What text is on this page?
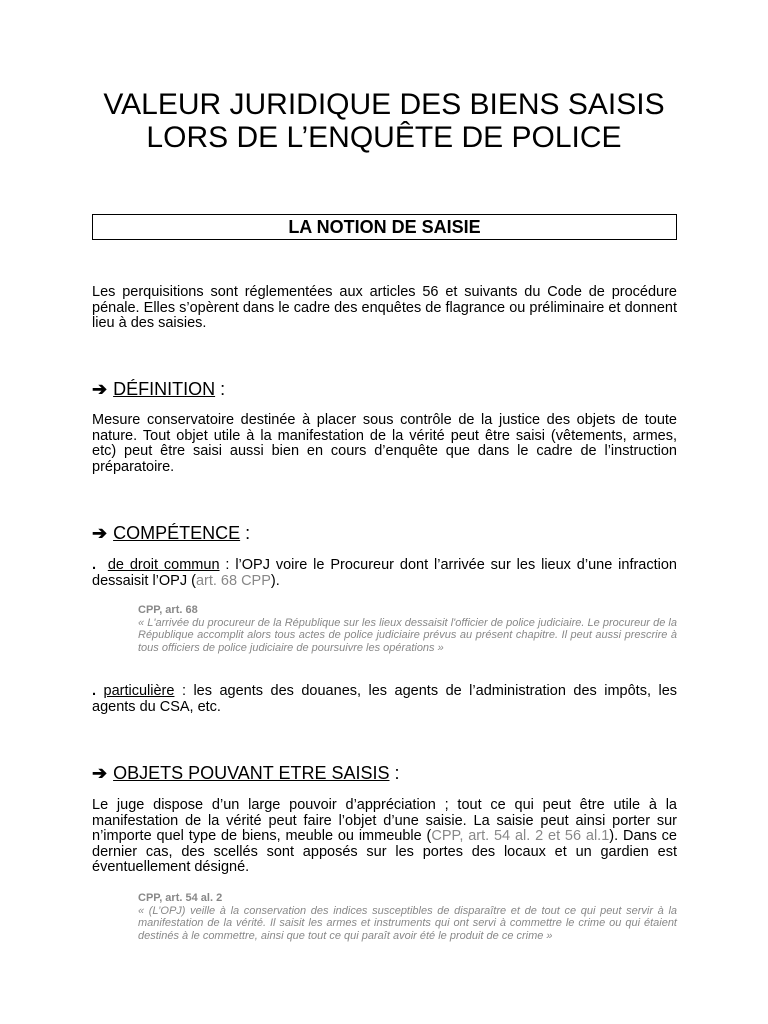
VALEUR JURIDIQUE DES BIENS SAISIS
LORS DE L’ENQUÊTE DE POLICE
LA NOTION DE SAISIE
Les perquisitions sont réglementées aux articles 56 et suivants du Code de procédure pénale. Elles s’opèrent dans le cadre des enquêtes de flagrance ou préliminaire et donnent lieu à des saisies.
➔ DÉFINITION :
Mesure conservatoire destinée à placer sous contrôle de la justice des objets de toute nature. Tout objet utile à la manifestation de la vérité peut être saisi (vêtements, armes, etc) peut être saisi aussi bien en cours d’enquête que dans le cadre de l’instruction préparatoire.
➔ COMPÉTENCE :
. de droit commun : l’OPJ voire le Procureur dont l’arrivée sur les lieux d’une infraction dessaisit l’OPJ (art. 68 CPP).
CPP, art. 68
« L'arrivée du procureur de la République sur les lieux dessaisit l'officier de police judiciaire. Le procureur de la République accomplit alors tous actes de police judiciaire prévus au présent chapitre. Il peut aussi prescrire à tous officiers de police judiciaire de poursuivre les opérations »
. particulière : les agents des douanes, les agents de l’administration des impôts, les agents du CSA, etc.
➔ OBJETS POUVANT ETRE SAISIS :
Le juge dispose d’un large pouvoir d’appréciation ; tout ce qui peut être utile à la manifestation de la vérité peut faire l’objet d’une saisie. La saisie peut ainsi porter sur n’importe quel type de biens, meuble ou immeuble (CPP, art. 54 al. 2 et 56 al.1). Dans ce dernier cas, des scellés sont apposés sur les portes des locaux et un gardien est éventuellement désigné.
CPP, art. 54 al. 2
« (L’OPJ) veille à la conservation des indices susceptibles de disparaître et de tout ce qui peut servir à la manifestation de la vérité. Il saisit les armes et instruments qui ont servi à commettre le crime ou qui étaient destinés à le commettre, ainsi que tout ce qui paraît avoir été le produit de ce crime »
